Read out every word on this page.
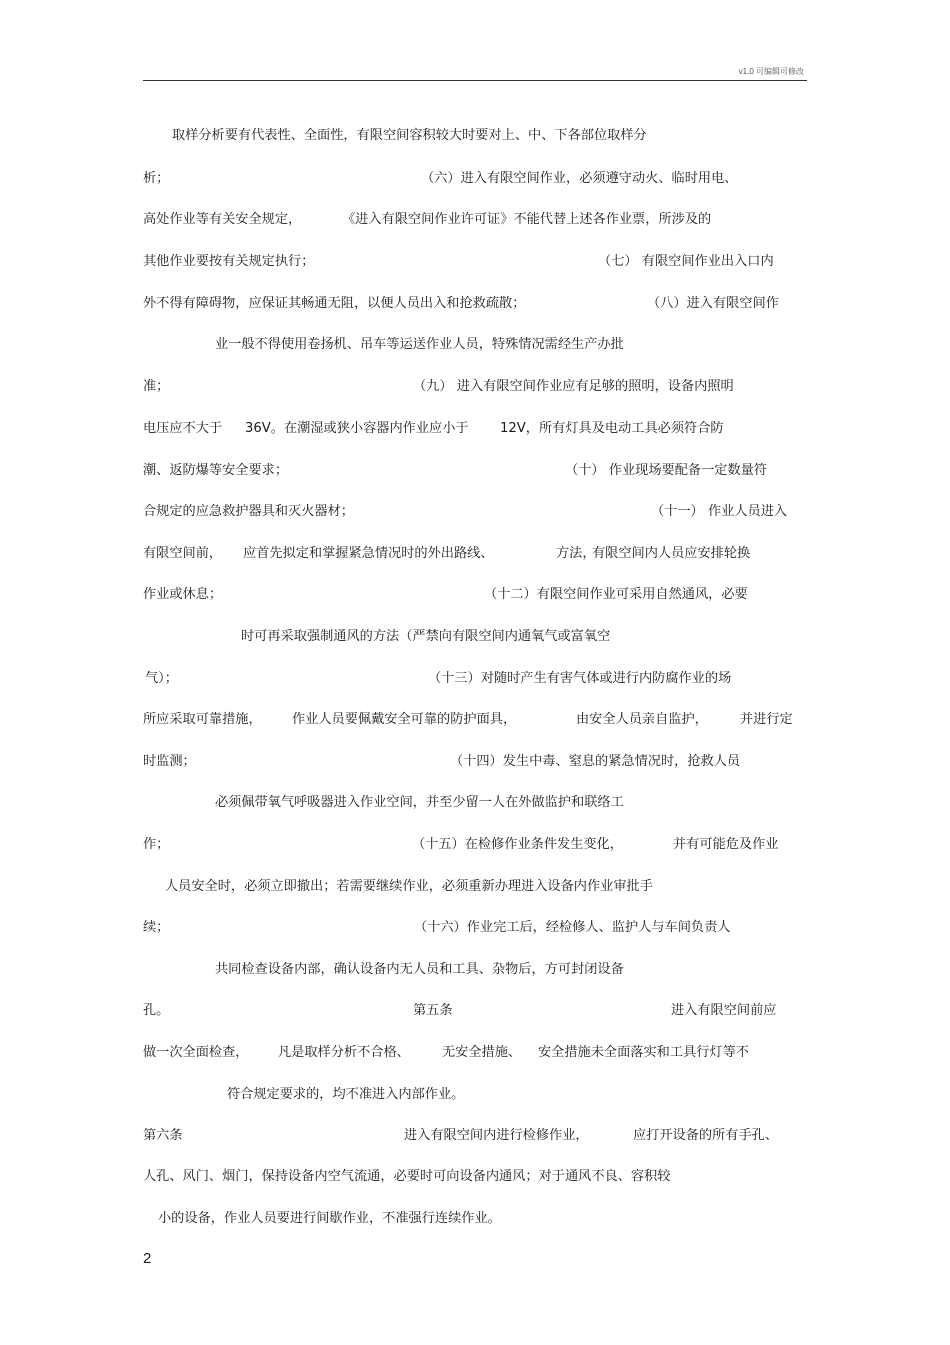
v1.0 可编辑可修改
取样分析要有代表性、全面性，有限空间容积较大时要对上、中、下各部位取样分
析；	（六）进入有限空间作业，必须遵守动火、临时用电、
高处作业等有关安全规定，	《进入有限空间作业许可证》不能代替上述各作业票，所涉及的
其他作业要按有关规定执行；	（七） 有限空间作业出入口内
外不得有障碍物，应保证其畅通无阻，以便人员出入和抢救疏散；	（八）进入有限空间作
业一般不得使用卷扬机、吊车等运送作业人员，特殊情况需经生产办批
准；	（九） 进入有限空间作业应有足够的照明，设备内照明
电压应不大于 36V。在潮湿或狭小容器内作业应小于 12V，所有灯具及电动工具必须符合防
潮、返防爆等安全要求；	（十） 作业现场要配备一定数量符
合规定的应急救护器具和灭火器材；	（十一） 作业人员进入
有限空间前， 应首先拟定和掌握紧急情况时的外出路线、	方法，
有限空间内人员应安排轮换
作业或休息；	（十二）有限空间作业可采用自然通风，必要
时可再采取强制通风的方法（严禁向有限空间内通氧气或富氧空
气）；	（十三）对随时产生有害气体或进行内防腐作业的场
所应采取可靠措施， 作业人员要佩戴安全可靠的防护面具，	由安全人员亲自监护， 并进行定
时监测；	（十四）发生中毒、窒息的紧急情况时，抢救人员
必须佩带氧气呼吸器进入作业空间，并至少留一人在外做监护和联络工
作；	（十五）在检修作业条件发生变化，	并有可能危及作业
人员安全时，必须立即撤出；若需要继续作业，必须重新办理进入设备内作业审批手
续；	（十六）作业完工后，经检修人、监护人与车间负责人
共同检查设备内部，确认设备内无人员和工具、杂物后，方可封闭设备
孔。	第五条	进入有限空间前应
做一次全面检查， 凡是取样分析不合格、 无安全措施、 安全措施未全面落实和工具行灯等不
符合规定要求的，均不准进入内部作业。
第六条	进入有限空间内进行检修作业，	应打开设备的所有手孔、
人孔、风门、烟门，保持设备内空气流通，必要时可向设备内通风；对于通风不良、容积较
小的设备，作业人员要进行间歇作业，不准强行连续作业。
2
